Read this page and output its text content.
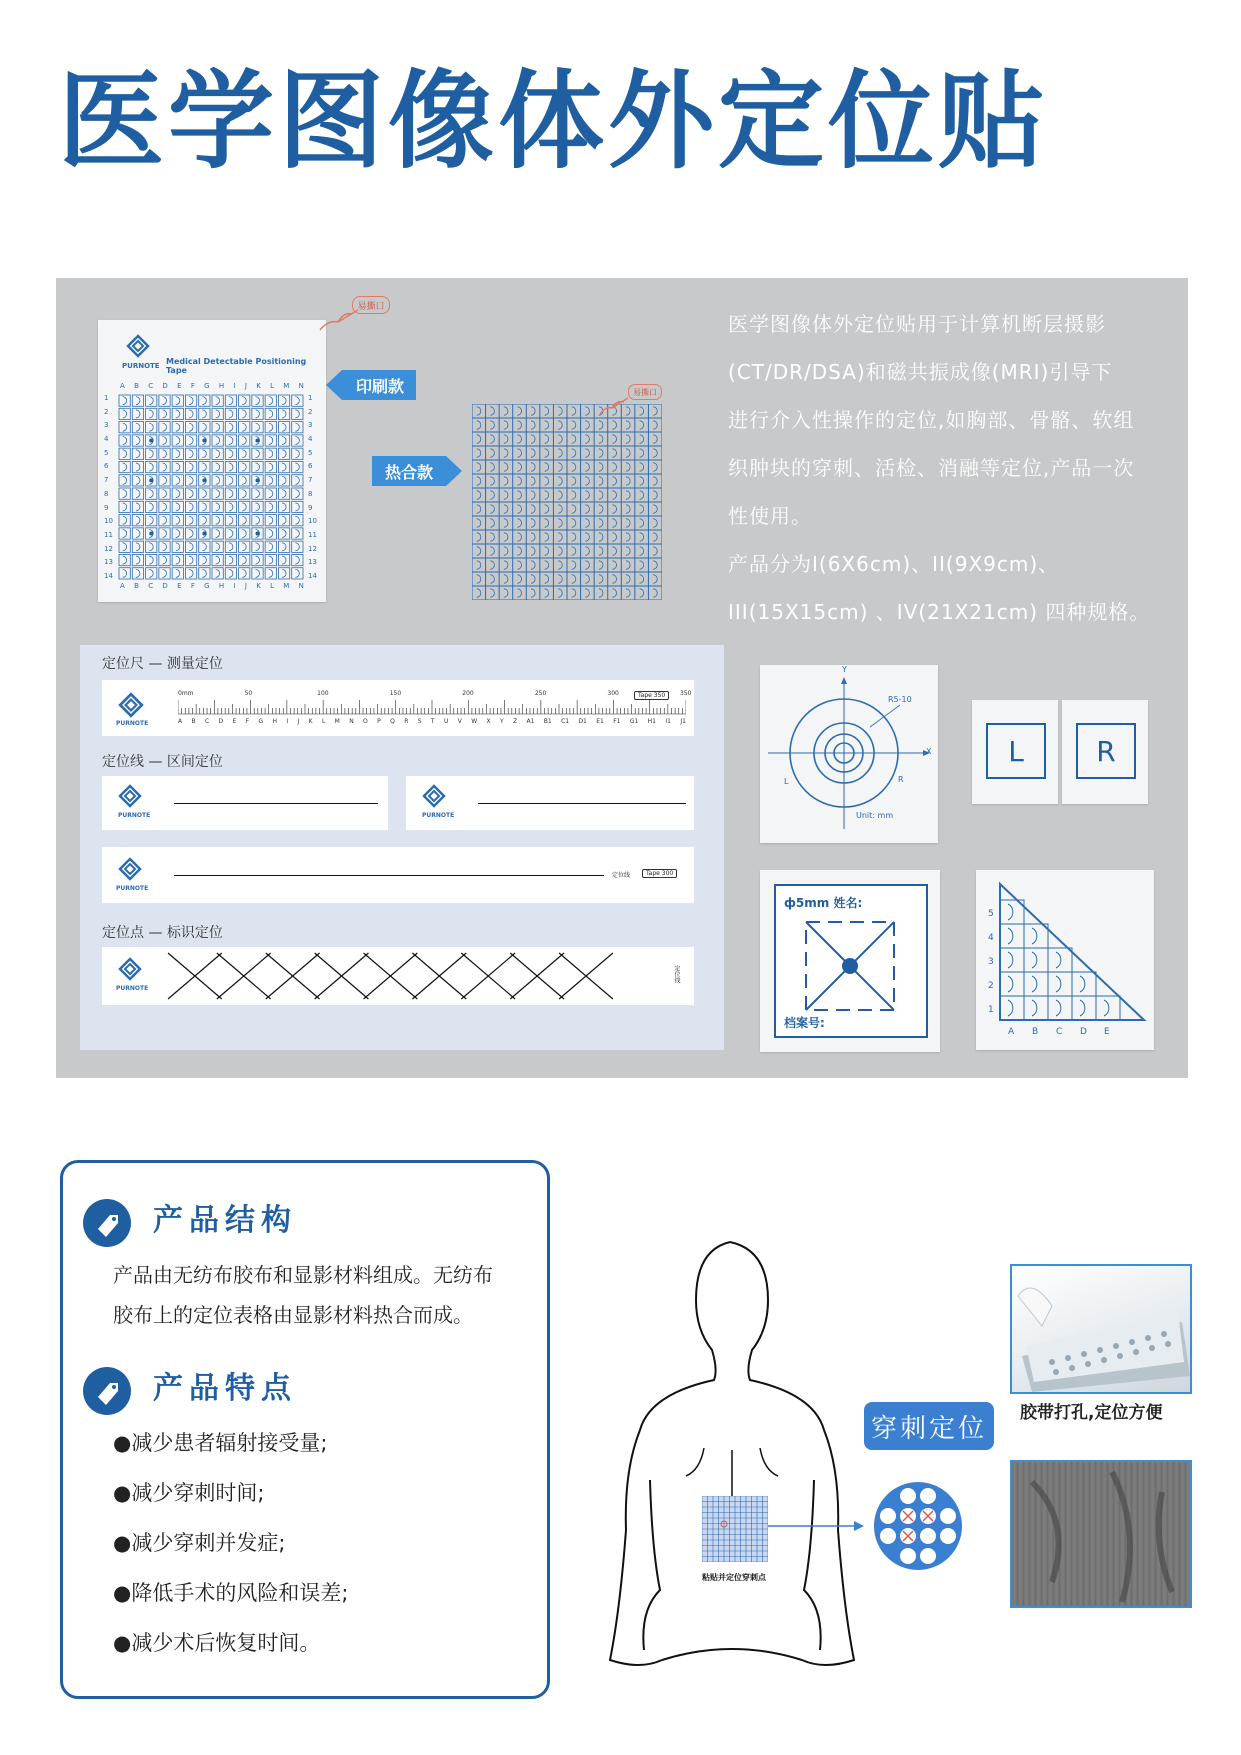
医学图像体外定位贴
PURNOTE Medical Detectable Positioning Tape
A B C D E F G H I J K L M N
A B C D E F G H I J K L M N
1
2
3
4
5
6
7
8
9
10
11
12
13
14
1
2
3
4
5
6
7
8
9
10
11
12
13
14
易撕口
印刷款
热合款
易撕口

医学图像体外定位贴用于计算机断层摄影

(CT/DR/DSA)和磁共振成像(MRI)引导下

进行介入性操作的定位,如胸部、骨骼、软组

织肿块的穿刺、活检、消融等定位,产品一次

性使用。

产品分为I(6X6cm)、II(9X9cm)、

III(15X15cm) 、IV(21X21cm) 四种规格。

定位尺 — 测量定位
PURNOTE
0mm	50	100	150	200	250	300	350
Tape 350
A B C D E F G H I J K L M N O P Q R S T U V W X Y Z A1 B1 C1 D1 E1 F1 G1 H1 I1 J1
定位线 — 区间定位
PURNOTE	PURNOTE
PURNOTE
定位线	Tape 300
定位点 — 标识定位
PURNOTE
定位线
Y
X
R5-10
L	R
Unit: mm
L	R
ф5mm 姓名:
档案号:
5
4
3
2
1
A B C D E
产品结构
产品由无纺布胶布和显影材料组成。无纺布
胶布上的定位表格由显影材料热合而成。
产品特点
●减少患者辐射接受量;
●减少穿刺时间;
●减少穿刺并发症;
●降低手术的风险和误差;
●减少术后恢复时间。
粘贴并定位穿刺点
穿刺定位
胶带打孔,定位方便
